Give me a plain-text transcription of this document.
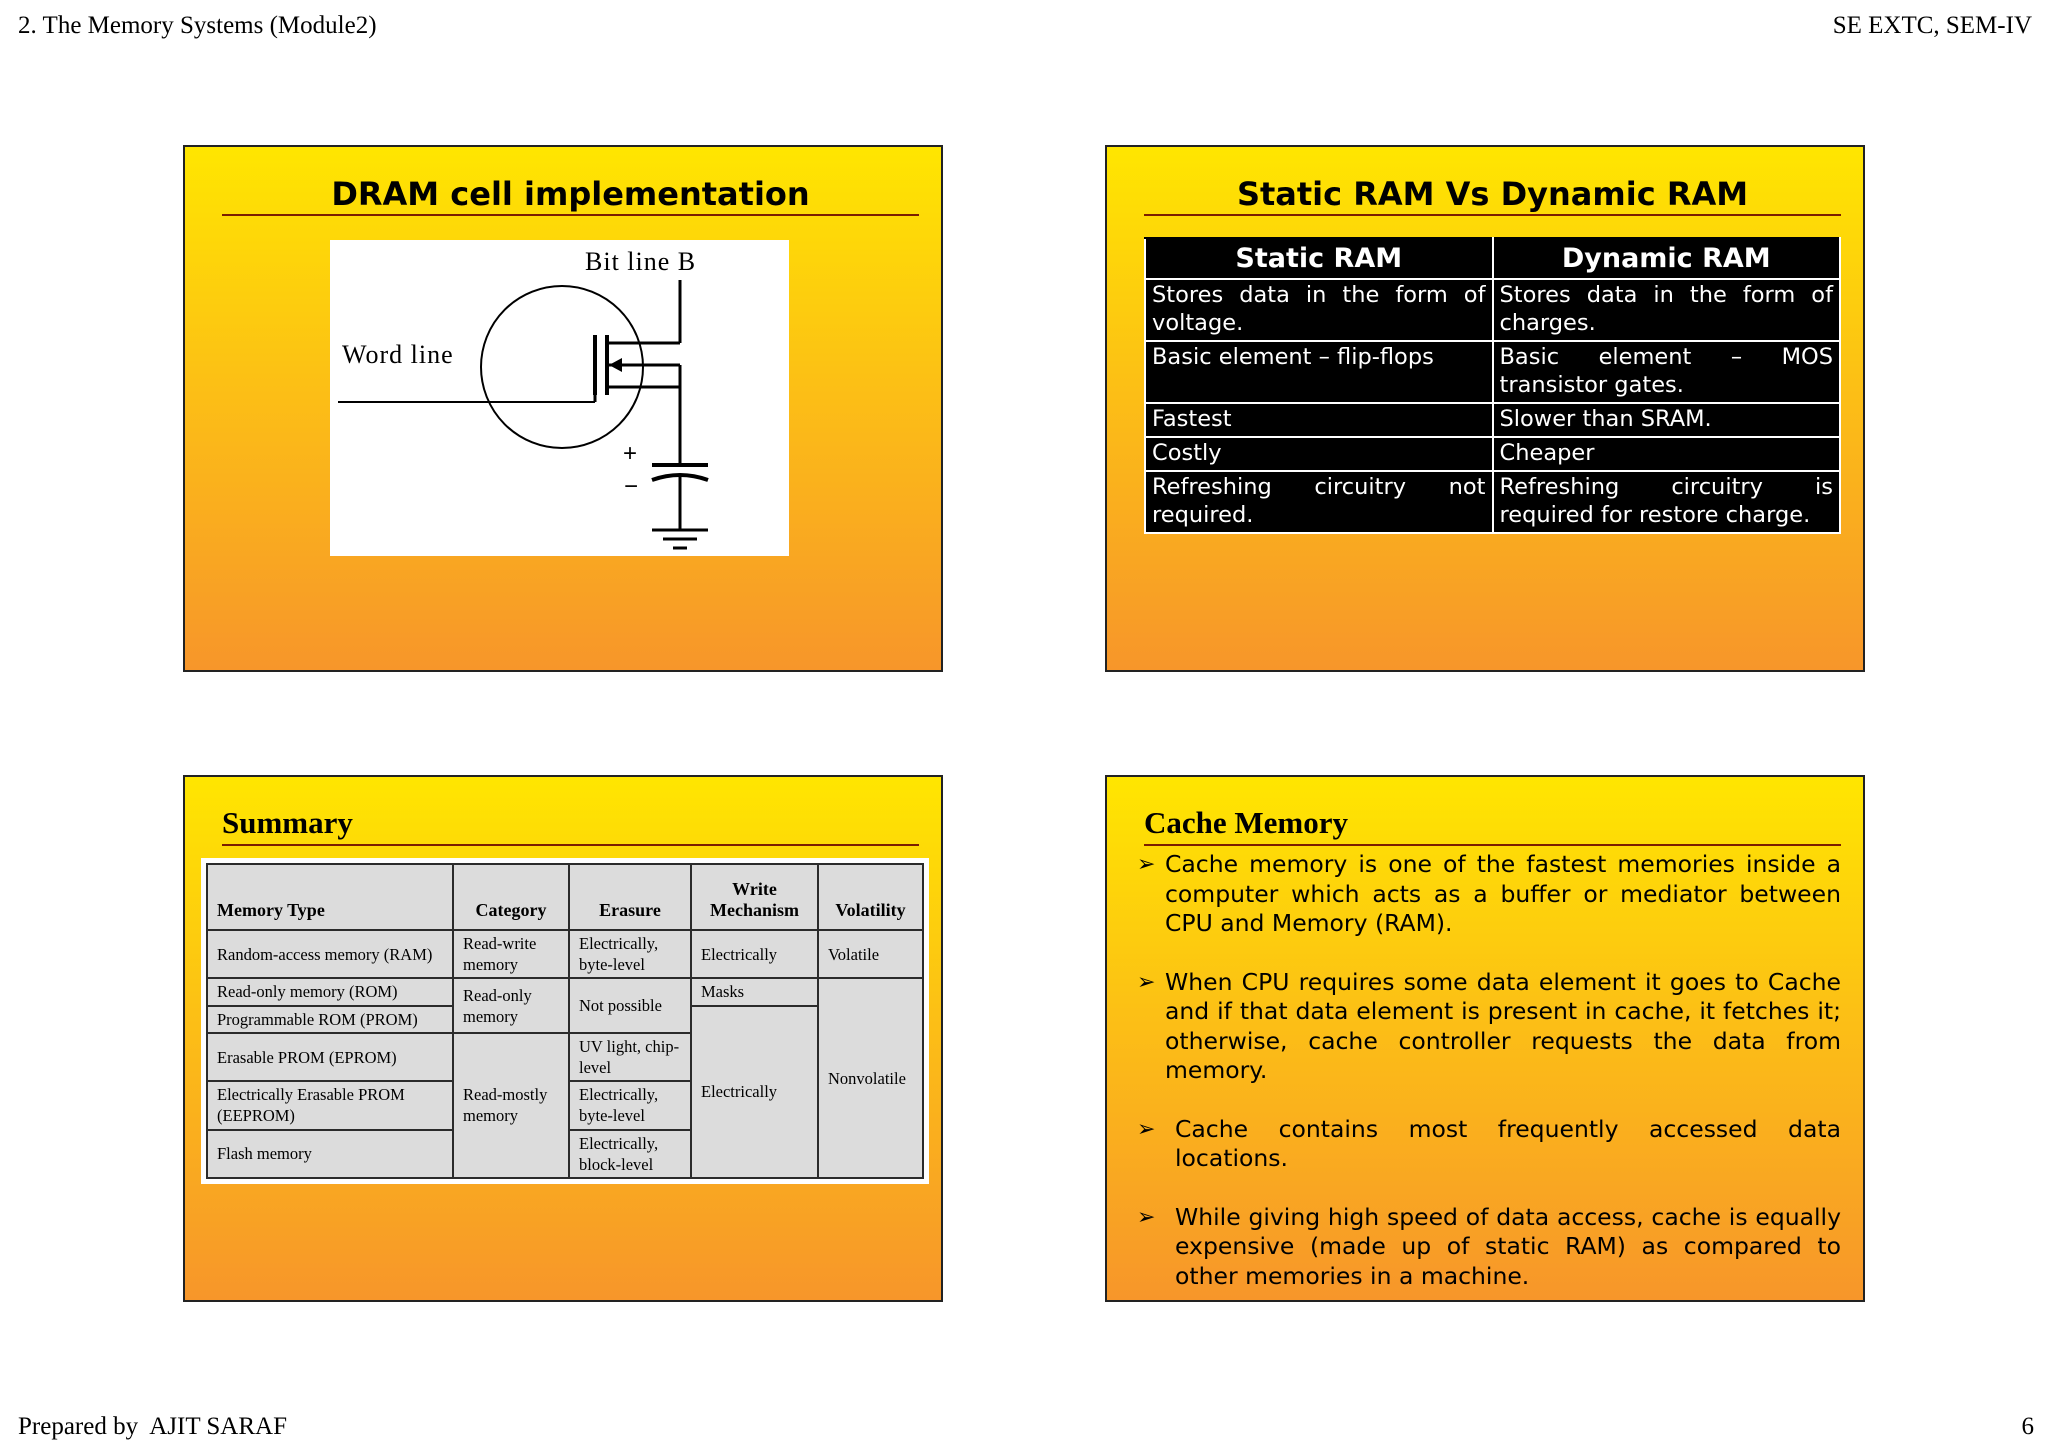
2. The Memory Systems (Module2)	SE EXTC, SEM-IV
DRAM cell implementation
Bit line B
Word line
+
−
Static RAM Vs Dynamic RAM
Static RAM	Dynamic RAM
Stores data in the form of voltage.	Stores data in the form of charges.
Basic element – flip-flops	Basic element – MOS transistor gates.
Fastest	Slower than SRAM.
Costly	Cheaper
Refreshing circuitry not required.	Refreshing circuitry is required for restore charge.
Summary
Memory Type	Category	Erasure	Write Mechanism	Volatility
Random-access memory (RAM)	Read-write memory	Electrically, byte-level	Electrically	Volatile
Read-only memory (ROM)	Read-only memory	Not possible	Masks	Nonvolatile
Programmable ROM (PROM)			Electrically	
Erasable PROM (EPROM)	Read-mostly memory	UV light, chip-level		
Electrically Erasable PROM (EEPROM)		Electrically, byte-level		
Flash memory		Electrically, block-level		
Cache Memory
➢ Cache memory is one of the fastest memories inside a computer which acts as a buffer or mediator between CPU and Memory (RAM).
➢ When CPU requires some data element it goes to Cache and if that data element is present in cache, it fetches it; otherwise, cache controller requests the data from memory.
➢ Cache contains most frequently accessed data locations.
➢ While giving high speed of data access, cache is equally expensive (made up of static RAM) as compared to other memories in a machine.
Prepared by  AJIT SARAF	6
